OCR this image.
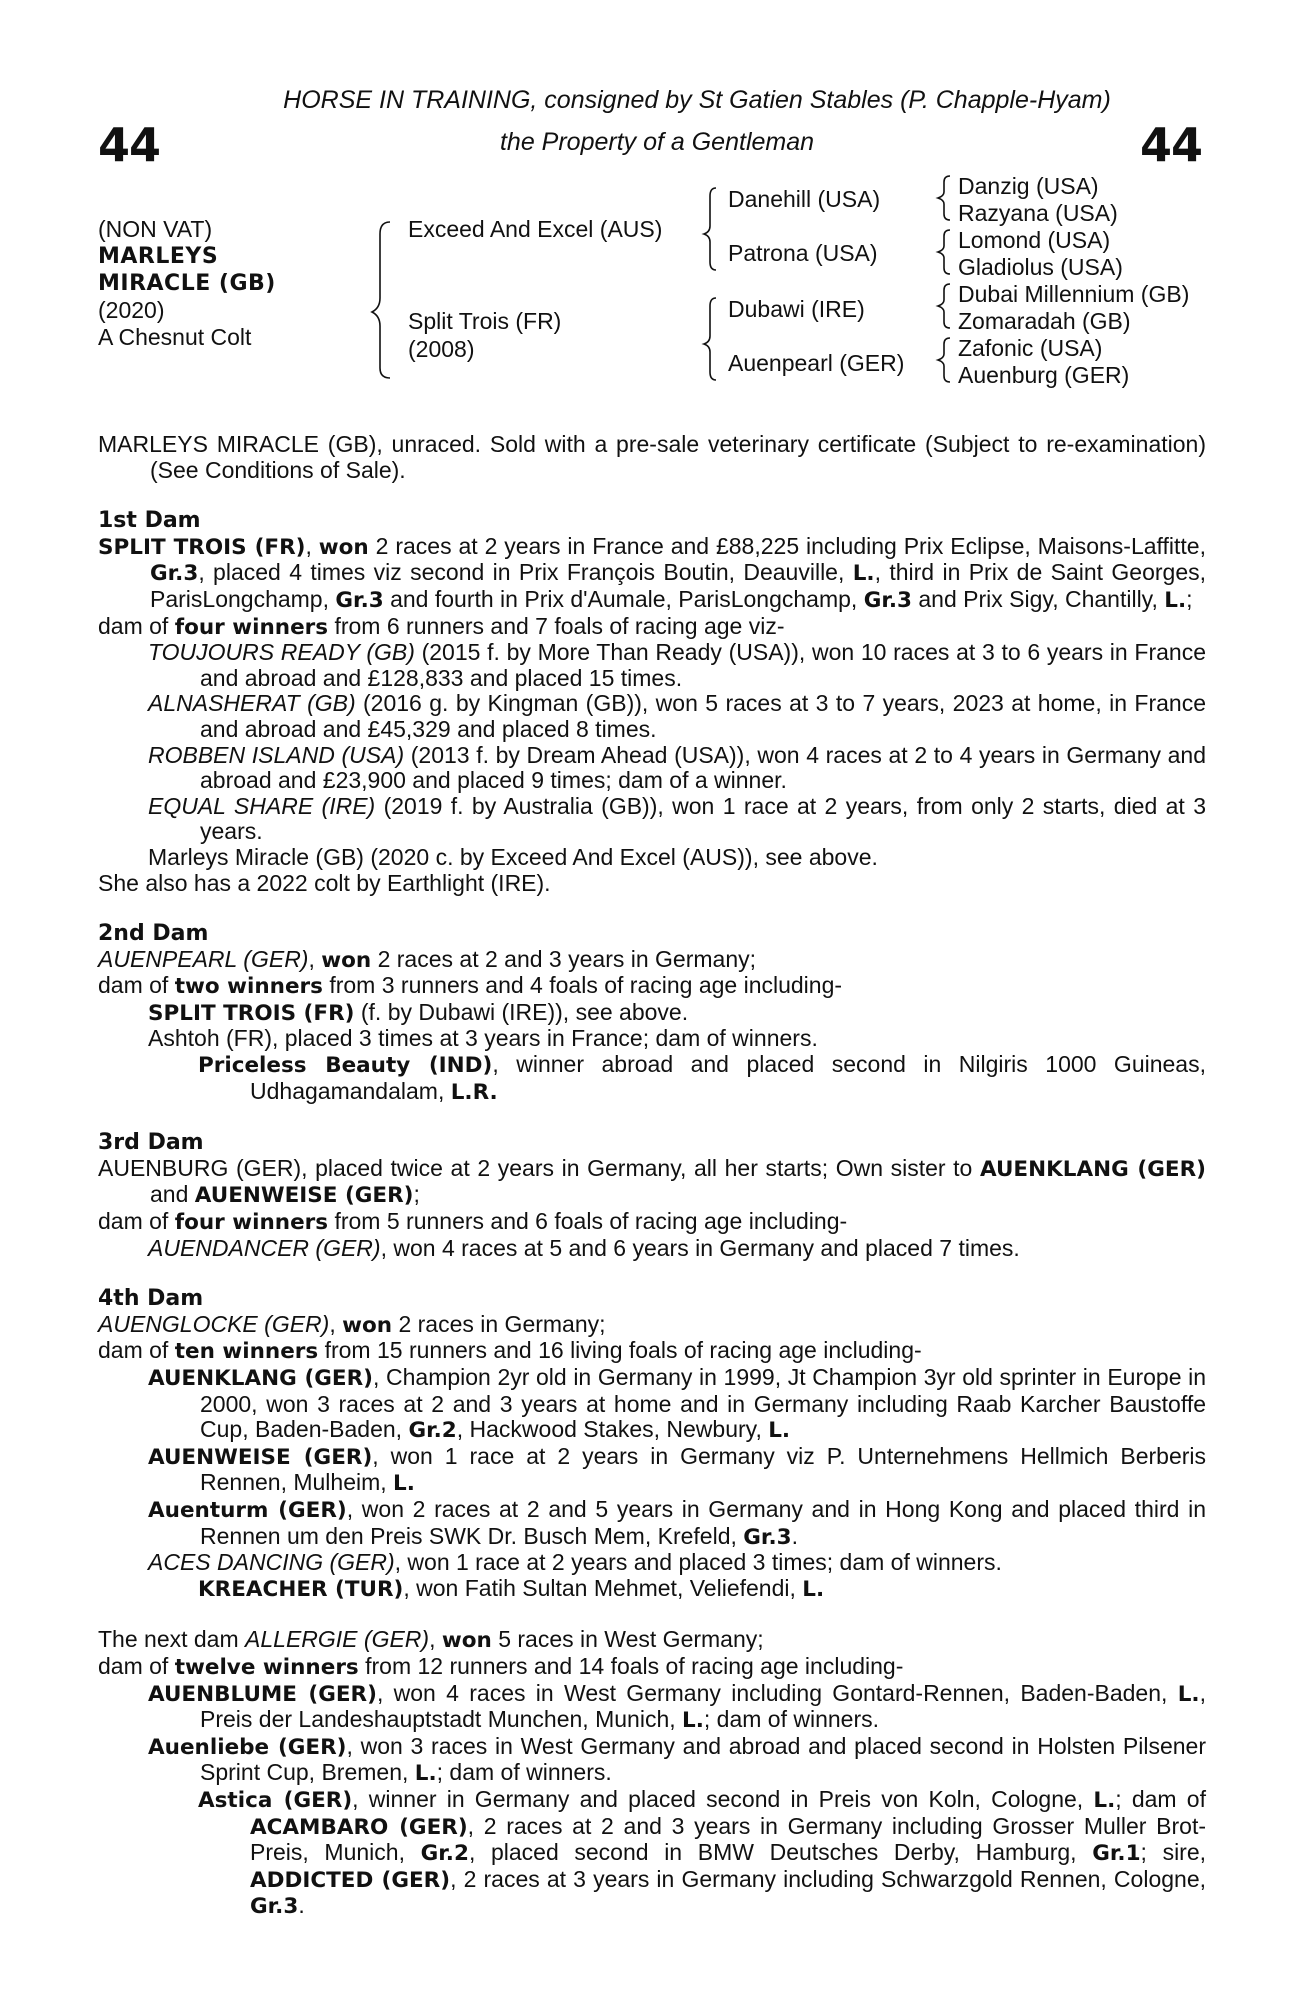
44	44
HORSE IN TRAINING, consigned by St Gatien Stables (P. Chapple-Hyam)
the Property of a Gentleman
(NON VAT)
MARLEYS
MIRACLE (GB)
(2020)
A Chesnut Colt
Exceed And Excel (AUS)
Split Trois (FR)
(2008)
Danehill (USA)
Patrona (USA)
Dubawi (IRE)
Auenpearl (GER)
Danzig (USA)
Razyana (USA)
Lomond (USA)
Gladiolus (USA)
Dubai Millennium (GB)
Zomaradah (GB)
Zafonic (USA)
Auenburg (GER)

MARLEYS MIRACLE (GB), unraced. Sold with a pre-sale veterinary certificate (Subject to re-examination) (See Conditions of Sale).

1st Dam

SPLIT TROIS (FR), won 2 races at 2 years in France and £88,225 including Prix Eclipse, Maisons-Laffitte, Gr.3, placed 4 times viz second in Prix François Boutin, Deauville, L., third in Prix de Saint Georges, ParisLongchamp, Gr.3 and fourth in Prix d'Aumale, ParisLongchamp, Gr.3 and Prix Sigy, Chantilly, L.;

dam of four winners from 6 runners and 7 foals of racing age viz-

TOUJOURS READY (GB) (2015 f. by More Than Ready (USA)), won 10 races at 3 to 6 years in France and abroad and £128,833 and placed 15 times.

ALNASHERAT (GB) (2016 g. by Kingman (GB)), won 5 races at 3 to 7 years, 2023 at home, in France and abroad and £45,329 and placed 8 times.

ROBBEN ISLAND (USA) (2013 f. by Dream Ahead (USA)), won 4 races at 2 to 4 years in Germany and abroad and £23,900 and placed 9 times; dam of a winner.

EQUAL SHARE (IRE) (2019 f. by Australia (GB)), won 1 race at 2 years, from only 2 starts, died at 3 years.

Marleys Miracle (GB) (2020 c. by Exceed And Excel (AUS)), see above.

She also has a 2022 colt by Earthlight (IRE).

2nd Dam

AUENPEARL (GER), won 2 races at 2 and 3 years in Germany;

dam of two winners from 3 runners and 4 foals of racing age including-

SPLIT TROIS (FR) (f. by Dubawi (IRE)), see above.

Ashtoh (FR), placed 3 times at 3 years in France; dam of winners.

Priceless Beauty (IND), winner abroad and placed second in Nilgiris 1000 Guineas, Udhagamandalam, L.R.

3rd Dam

AUENBURG (GER), placed twice at 2 years in Germany, all her starts; Own sister to AUENKLANG (GER) and AUENWEISE (GER);

dam of four winners from 5 runners and 6 foals of racing age including-

AUENDANCER (GER), won 4 races at 5 and 6 years in Germany and placed 7 times.

4th Dam

AUENGLOCKE (GER), won 2 races in Germany;

dam of ten winners from 15 runners and 16 living foals of racing age including-

AUENKLANG (GER), Champion 2yr old in Germany in 1999, Jt Champion 3yr old sprinter in Europe in 2000, won 3 races at 2 and 3 years at home and in Germany including Raab Karcher Baustoffe Cup, Baden-Baden, Gr.2, Hackwood Stakes, Newbury, L.

AUENWEISE (GER), won 1 race at 2 years in Germany viz P. Unternehmens Hellmich Berberis Rennen, Mulheim, L.

Auenturm (GER), won 2 races at 2 and 5 years in Germany and in Hong Kong and placed third in Rennen um den Preis SWK Dr. Busch Mem, Krefeld, Gr.3.

ACES DANCING (GER), won 1 race at 2 years and placed 3 times; dam of winners.

KREACHER (TUR), won Fatih Sultan Mehmet, Veliefendi, L.

The next dam ALLERGIE (GER), won 5 races in West Germany;

dam of twelve winners from 12 runners and 14 foals of racing age including-

AUENBLUME (GER), won 4 races in West Germany including Gontard-Rennen, Baden-Baden, L., Preis der Landeshauptstadt Munchen, Munich, L.; dam of winners.

Auenliebe (GER), won 3 races in West Germany and abroad and placed second in Holsten Pilsener Sprint Cup, Bremen, L.; dam of winners.

Astica (GER), winner in Germany and placed second in Preis von Koln, Cologne, L.; dam of ACAMBARO (GER), 2 races at 2 and 3 years in Germany including Grosser Muller Brot-Preis, Munich, Gr.2, placed second in BMW Deutsches Derby, Hamburg, Gr.1; sire, ADDICTED (GER), 2 races at 3 years in Germany including Schwarzgold Rennen, Cologne, Gr.3.
